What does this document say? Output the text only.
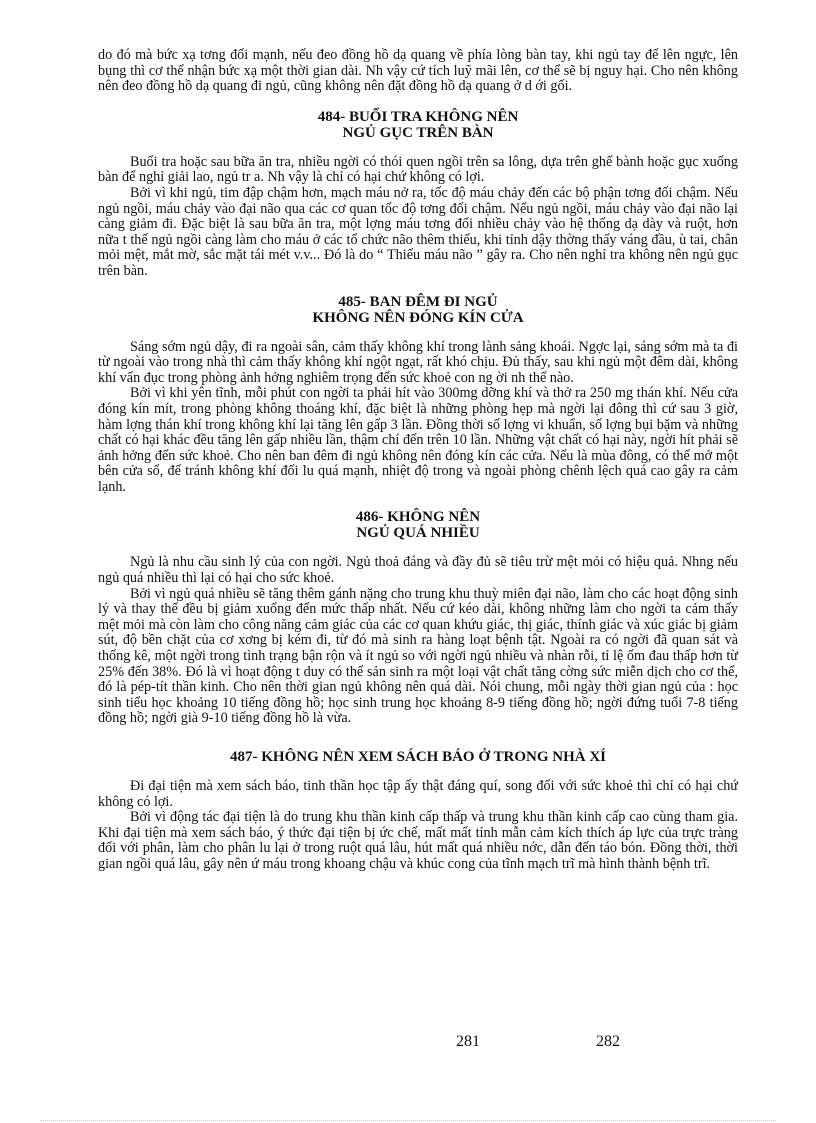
do đó mà bức xạ tơng đối mạnh, nếu đeo đồng hồ dạ quang về phía lòng bàn tay, khi ngủ tay để lên ngực, lên bụng thì cơ thể nhận bức xạ một thời gian dài. Nh vậy cứ tích luỹ mãi lên, cơ thể sẽ bị nguy hại. Cho nên không nên đeo đồng hồ dạ quang đi ngủ, cũng không nên đặt đồng hồ dạ quang ở d ới gối.

484- BUỔI TRA KHÔNG NÊN
NGỦ GỤC TRÊN BÀN

Buổi tra hoặc sau bữa ăn tra, nhiều ngời có thói quen ngồi trên sa lông, dựa trên ghế bành hoặc gục xuống bàn để nghỉ giải lao, ngủ tr a. Nh vậy là chỉ có hại chứ không có lợi.

Bởi vì khi ngủ, tim đập chậm hơn, mạch máu nở ra, tốc độ máu chảy đến các bộ phận tơng đối chậm. Nếu ngủ ngồi, máu chảy vào đại não qua các cơ quan tốc độ tơng đối chậm. Nếu ngủ ngồi, máu chảy vào đại não lại càng giảm đi. Đặc biệt là sau bữa ăn tra, một lợng máu tơng đối nhiều chảy vào hệ thống dạ dày và ruột, hơn nữa t thế ngủ ngồi càng làm cho máu ở các tổ chức não thêm thiếu, khi tỉnh dậy thờng thấy váng đầu, ù tai, chân mỏi mệt, mắt mờ, sắc mặt tái mét v.v... Đó là do “ Thiếu máu não ” gây ra. Cho nên nghỉ tra không nên ngủ gục trên bàn.

485- BAN ĐÊM ĐI NGỦ
KHÔNG NÊN ĐÓNG KÍN CỬA

Sáng sớm ngủ dậy, đi ra ngoài sân, cảm thấy không khí trong lành sảng khoái. Ngợc lại, sáng sớm mà ta đi từ ngoài vào trong nhà thì cảm thấy không khí ngột ngạt, rất khó chịu. Đủ thấy, sau khi ngủ một đêm dài, không khí vẩn đục trong phòng ảnh hởng nghiêm trọng đến sức khoẻ con ng ời nh thế nào.

Bởi vì khi yên tĩnh, mỗi phút con ngời ta phải hít vào 300mg dỡng khí và thở ra 250 mg thán khí. Nếu cửa đóng kín mít, trong phòng không thoáng khí, đặc biệt là những phòng hẹp mà ngời lại đông thì cứ sau 3 giờ, hàm lợng thán khí trong không khí lại tăng lên gấp 3 lần. Đồng thời số lợng vi khuẩn, số lợng bụi bặm và những chất có hại khác đều tăng lên gấp nhiều lần, thậm chí đến trên 10 lần. Những vật chất có hại này, ngời hít phải sẽ ảnh hởng đến sức khoẻ. Cho nên ban đêm đi ngủ không nên đóng kín các cửa. Nếu là mùa đông, có thể mở một bên cửa sổ, để tránh không khí đối lu quá mạnh, nhiệt độ trong và ngoài phòng chênh lệch quá cao gây ra cảm lạnh.

486- KHÔNG NÊN
NGỦ QUÁ NHIỀU

Ngủ là nhu cầu sinh lý của con ngời. Ngủ thoả đáng và đầy đủ sẽ tiêu trừ mệt mỏi có hiệu quả. Nhng nếu ngủ quá nhiều thì lại có hại cho sức khoẻ.

Bởi vì ngủ quá nhiều sẽ tăng thêm gánh nặng cho trung khu thuỳ miên đại não, làm cho các hoạt động sinh lý và thay thế đều bị giảm xuống đến mức thấp nhất. Nếu cứ kéo dài, không những làm cho ngời ta cảm thấy mệt mỏi mà còn làm cho công năng cảm giác của các cơ quan khứu giác, thị giác, thính giác và xúc giác bị giảm sút, độ bền chặt của cơ xơng bị kém đi, từ đó mà sinh ra hàng loạt bệnh tật. Ngoài ra có ngời đã quan sát và thống kê, một ngời trong tình trạng bận rộn và ít ngủ so với ngời ngủ nhiều và nhàn rỗi, tỉ lệ ốm đau thấp hơn từ 25% đến 38%. Đó là vì hoạt động t duy có thể sản sinh ra một loại vật chất tăng cờng sức miễn dịch cho cơ thể, đó là pép-tít thần kinh. Cho nên thời gian ngủ không nên quá dài. Nói chung, mỗi ngày thời gian ngủ của : học sinh tiểu học khoảng 10 tiếng đồng hồ; học sinh trung học khoảng 8-9 tiếng đồng hồ; ngời đứng tuổi 7-8 tiếng đồng hồ; ngời già 9-10 tiếng đồng hồ là vừa.

487- KHÔNG NÊN XEM SÁCH BÁO Ở TRONG NHÀ XÍ

Đi đại tiện mà xem sách báo, tinh thần học tập ấy thật đáng quí, song đối với sức khoẻ thì chỉ có hại chứ không có lợi.

Bởi vì động tác đại tiện là do trung khu thần kinh cấp thấp và trung khu thần kinh cấp cao cùng tham gia. Khi đại tiện mà xem sách báo, ý thức đại tiện bị ức chế, mất mất tính mẫn cảm kích thích áp lực của trực tràng đối với phân, làm cho phân lu lại ở trong ruột quá lâu, hút mất quá nhiều nớc, dẫn đến táo bón. Đồng thời, thời gian ngồi quá lâu, gây nên ứ máu trong khoang chậu và khúc cong của tĩnh mạch trĩ mà hình thành bệnh trĩ.

281	282
